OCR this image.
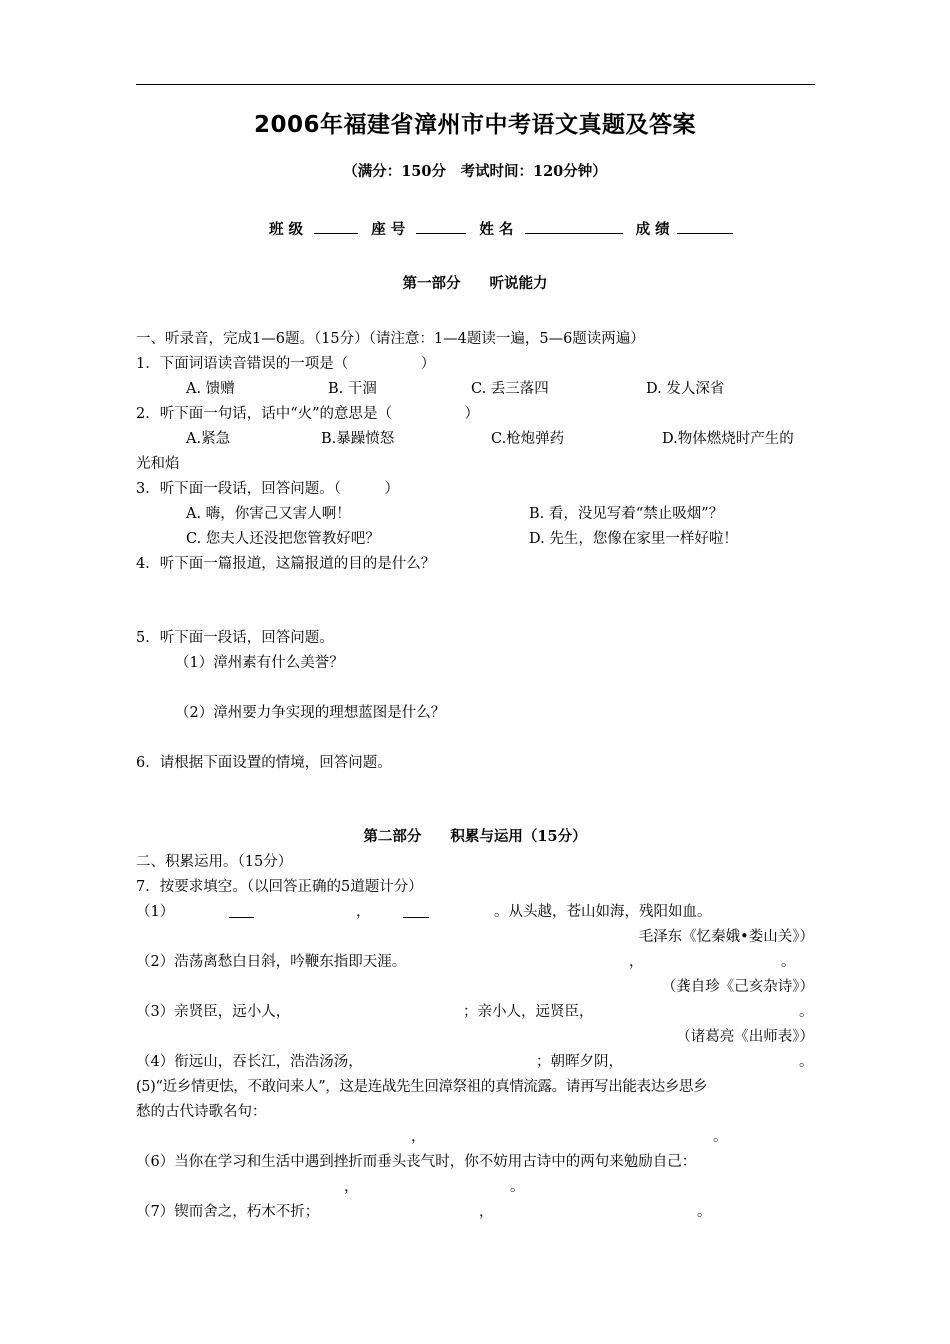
2006年福建省漳州市中考语文真题及答案
（满分：150分　考试时间：120分钟）
班 级	座 号	姓 名	成 绩
第一部分　　听说能力
一、听录音，完成1—6题。（15分）（请注意：1—4题读一遍，5—6题读两遍）
1．下面词语读音错误的一项是（　　　　　）
A. 馈赠	B. 干涸	C. 丢三落四	D. 发人深省
2．听下面一句话，话中“火”的意思是（　　　　　）
A.紧急	B.暴躁愤怒	C.枪炮弹药	D.物体燃烧时产生的
光和焰
3．听下面一段话，回答问题。（　　　）
A. 嗨，你害己又害人啊！	B. 看，没见写着“禁止吸烟”？
C. 您夫人还没把您管教好吧？	D. 先生，您像在家里一样好啦！
4．听下面一篇报道，这篇报道的目的是什么？
5．听下面一段话，回答问题。
（1）漳州素有什么美誉？
（2）漳州要力争实现的理想蓝图是什么？
6．请根据下面设置的情境，回答问题。
第二部分　　积累与运用（15分）
二、积累运用。（15分）
7．按要求填空。（以回答正确的5道题计分）
（1）	，	。从头越，苍山如海，残阳如血。
毛泽东《忆秦娥•娄山关》）
（2）浩荡离愁白日斜，吟鞭东指即天涯。	，	。
（龚自珍《己亥杂诗》）
（3）亲贤臣，远小人，	；亲小人，远贤臣，	。
（诸葛亮《出师表》）
（4）衔远山，吞长江，浩浩汤汤，	；朝晖夕阴，	。
(5)“近乡情更怯，不敢问来人”，这是连战先生回漳祭祖的真情流露。请再写出能表达乡思乡
愁的古代诗歌名句：
，	。
（6）当你在学习和生活中遇到挫折而垂头丧气时，你不妨用古诗中的两句来勉励自己：
，	。
（7）锲而舍之，朽木不折；	，	。
